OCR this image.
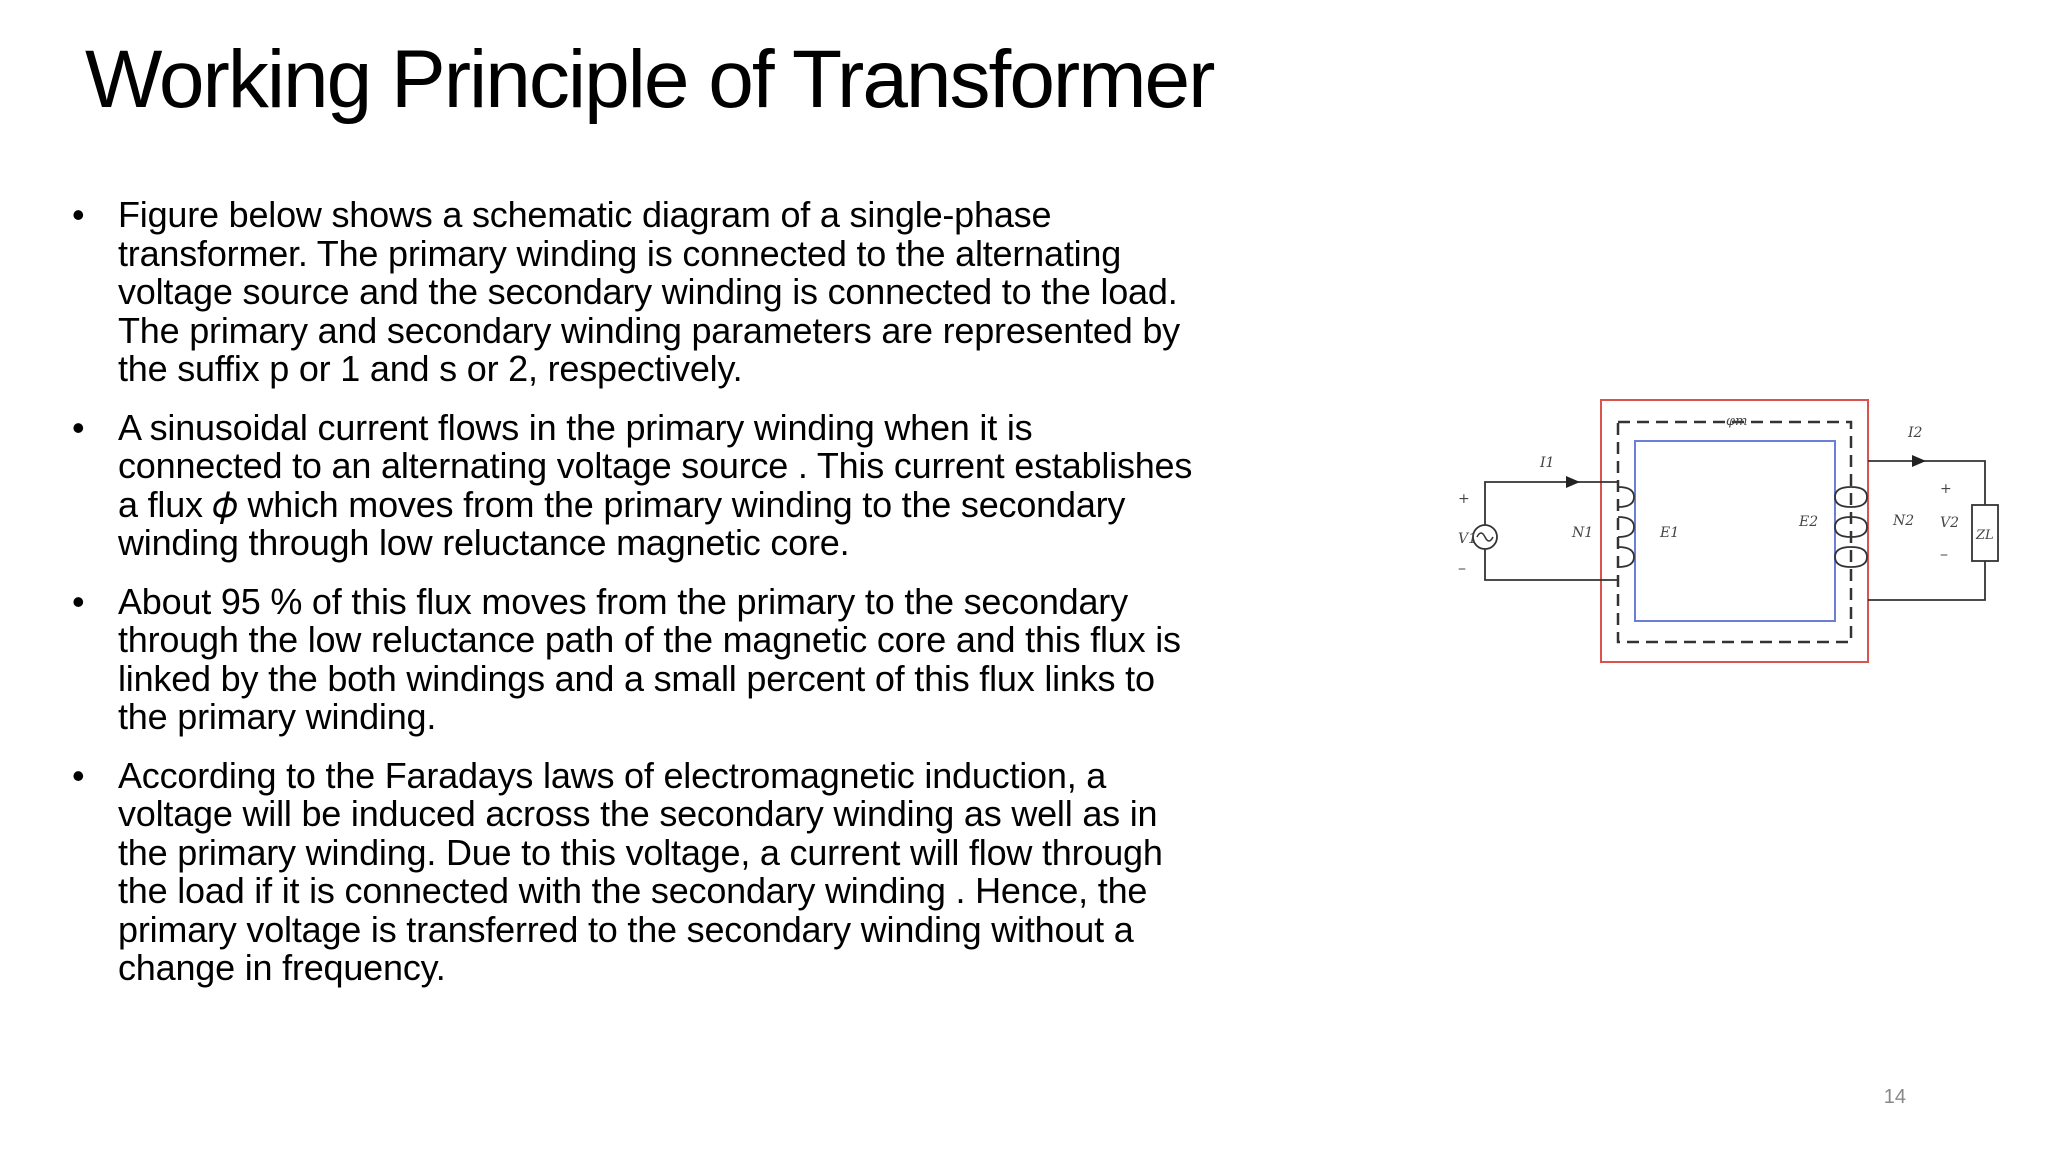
Working Principle of Transformer
• Figure below shows a schematic diagram of a single-phase
transformer. The primary winding is connected to the alternating
voltage source and the secondary winding is connected to the load.
The primary and secondary winding parameters are represented by
the suffix p or 1 and s or 2, respectively.
• A sinusoidal current flows in the primary winding when it is
connected to an alternating voltage source . This current establishes
a flux 𝜙 which moves from the primary winding to the secondary
winding through low reluctance magnetic core.
• About 95 % of this flux moves from the primary to the secondary
through the low reluctance path of the magnetic core and this flux is
linked by the both windings and a small percent of this flux links to
the primary winding.
• According to the Faradays laws of electromagnetic induction, a
voltage will be induced across the secondary winding as well as in
the primary winding. Due to this voltage, a current will flow through
the load if it is connected with the secondary winding . Hence, the
primary voltage is transferred to the secondary winding without a
change in frequency.
φm
I1
I2
V1
V2
N1
N2
E1
E2
ZL
+
–
+
–
14
